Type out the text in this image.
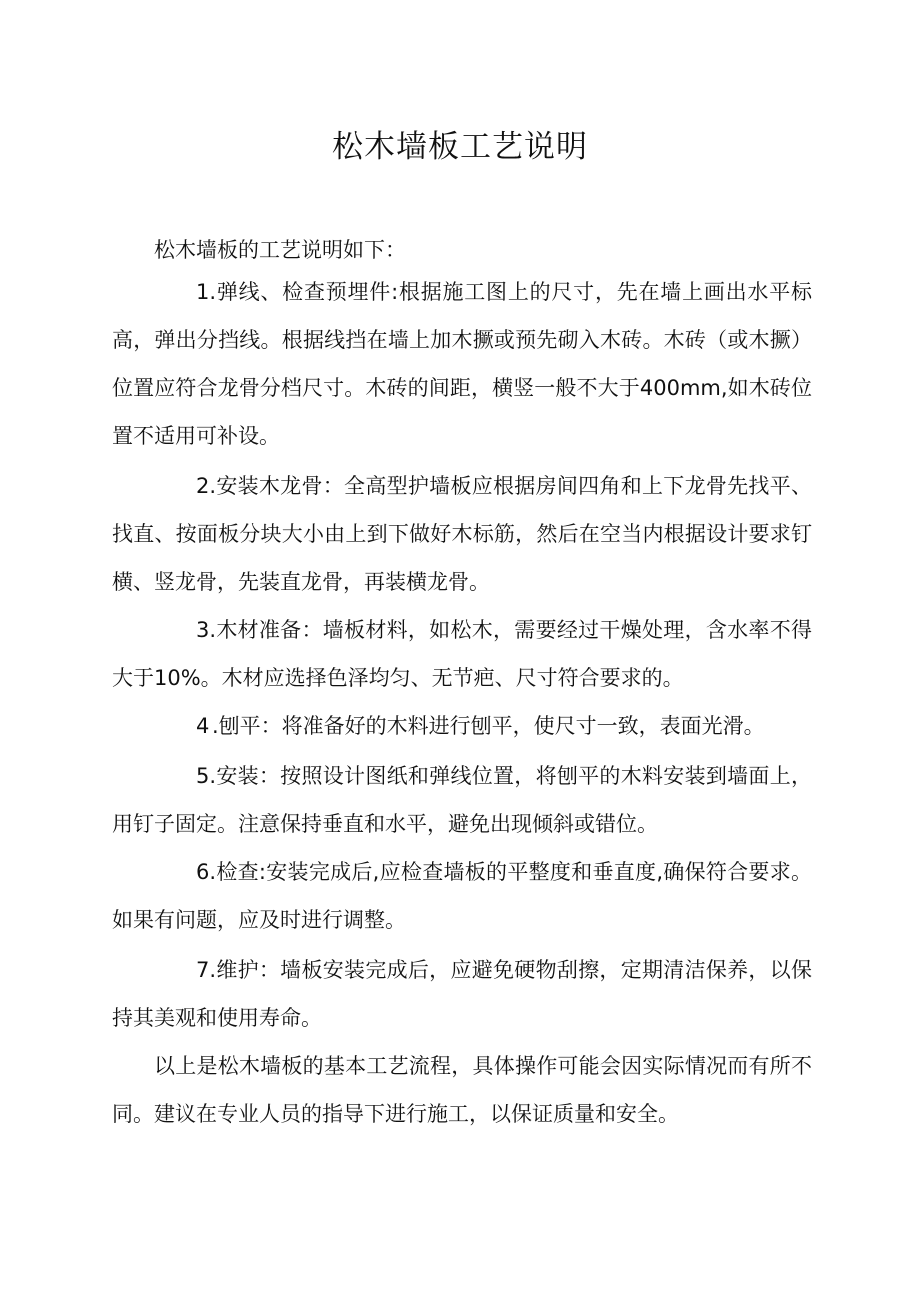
松木墙板工艺说明

松木墙板的工艺说明如下：

1.弹线、检查预埋件:根据施工图上的尺寸，先在墙上画出水平标高，弹出分挡线。根据线挡在墙上加木撅或预先砌入木砖。木砖（或木撅）位置应符合龙骨分档尺寸。木砖的间距，横竖一般不大于400mm,如木砖位置不适用可补设。

2.安装木龙骨：全高型护墙板应根据房间四角和上下龙骨先找平、找直、按面板分块大小由上到下做好木标筋，然后在空当内根据设计要求钉横、竖龙骨，先装直龙骨，再装横龙骨。

3.木材准备：墙板材料，如松木，需要经过干燥处理，含水率不得大于10%。木材应选择色泽均匀、无节疤、尺寸符合要求的。

4 .刨平：将准备好的木料进行刨平，使尺寸一致，表面光滑。

5.安装：按照设计图纸和弹线位置，将刨平的木料安装到墙面上，用钉子固定。注意保持垂直和水平，避免出现倾斜或错位。

6.检查:安装完成后,应检查墙板的平整度和垂直度,确保符合要求。如果有问题，应及时进行调整。

7.维护：墙板安装完成后，应避免硬物刮擦，定期清洁保养，以保持其美观和使用寿命。

以上是松木墙板的基本工艺流程，具体操作可能会因实际情况而有所不同。建议在专业人员的指导下进行施工，以保证质量和安全。
